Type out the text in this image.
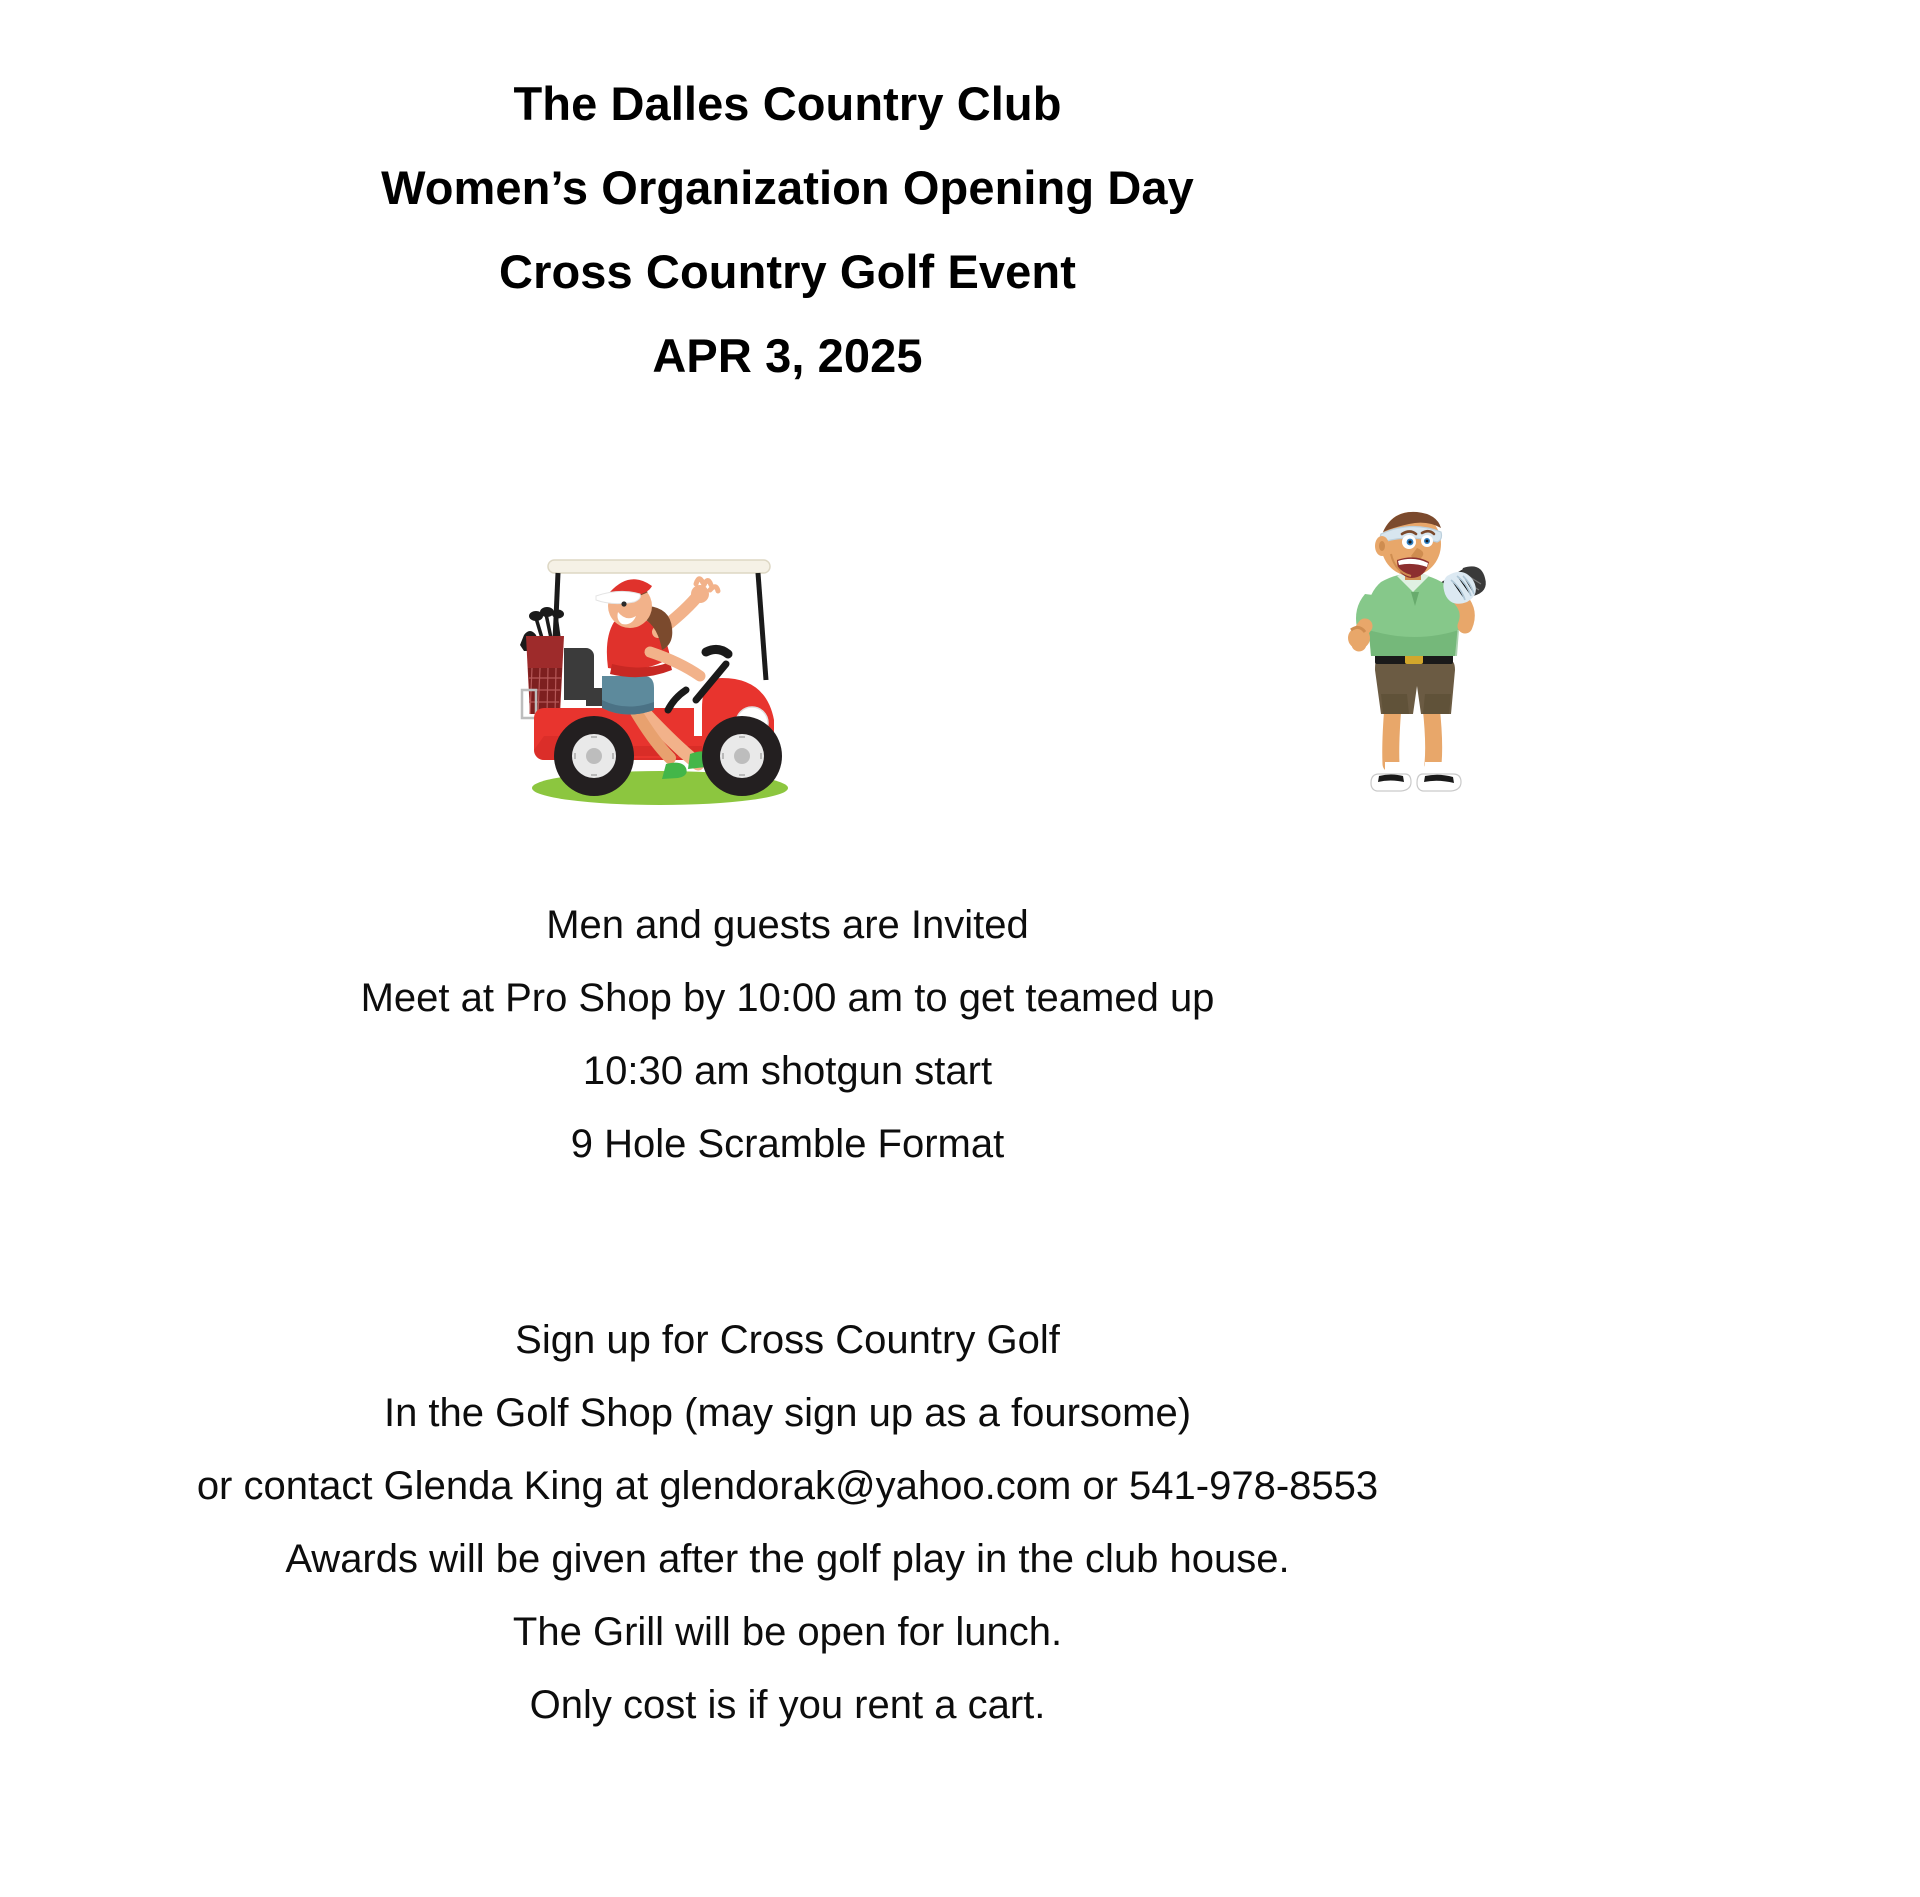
The Dalles Country Club
Women’s Organization Opening Day
Cross Country Golf Event
APR 3, 2025
Men and guests are Invited
Meet at Pro Shop by 10:00 am to get teamed up
10:30 am shotgun start
9 Hole Scramble Format
Sign up for Cross Country Golf
In the Golf Shop (may sign up as a foursome)
or contact Glenda King at glendorak@yahoo.com or 541-978-8553
Awards will be given after the golf play in the club house.
The Grill will be open for lunch.
Only cost is if you rent a cart.
